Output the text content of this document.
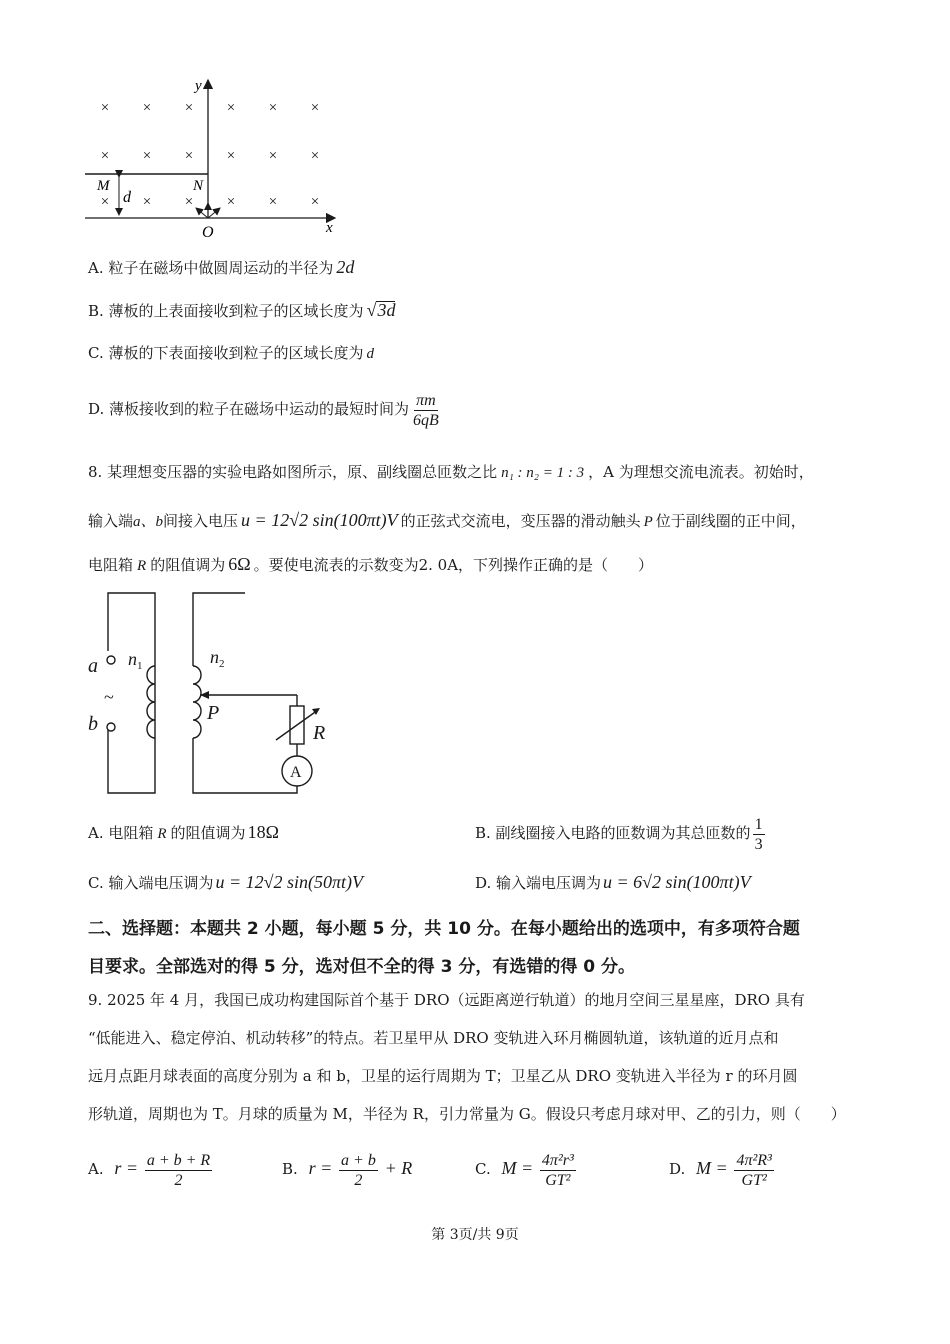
× × × × × ×
× × × × × ×
× × × × × ×
y
x
O
M	N
d
A. 粒子在磁场中做圆周运动的半径为 2d
B. 薄板的上表面接收到粒子的区域长度为 √3d
C. 薄板的下表面接收到粒子的区域长度为 d
D. 薄板接收到的粒子在磁场中运动的最短时间为 $\frac{\pi m}{6qB}$
8. 某理想变压器的实验电路如图所示，原、副线圈总匝数之比 n₁ : n₂ = 1 : 3 ，A 为理想交流电流表。初始时，
输入端a、b间接入电压 u = 12√2 sin(100πt)V 的正弦式交流电，变压器的滑动触头 P 位于副线圈的正中间，
电阻箱 R 的阻值调为 6Ω 。要使电流表的示数变为2. 0A，下列操作正确的是（　　）
a
b
~
$n_1$	$n_2$
P
R
A
A. 电阻箱 R 的阻值调为 18Ω	B. 副线圈接入电路的匝数调为其总匝数的 $\frac{1}{3}$
C. 输入端电压调为 u = 12√2 sin(50πt)V	D. 输入端电压调为 u = 6√2 sin(100πt)V
二、选择题：本题共 2 小题，每小题 5 分，共 10 分。在每小题给出的选项中，有多项符合题
目要求。全部选对的得 5 分，选对但不全的得 3 分，有选错的得 0 分。
9. 2025 年 4 月，我国已成功构建国际首个基于 DRO（远距离逆行轨道）的地月空间三星星座，DRO 具有
“低能进入、稳定停泊、机动转移”的特点。若卫星甲从 DRO 变轨进入环月椭圆轨道，该轨道的近月点和
远月点距月球表面的高度分别为 a 和 b，卫星的运行周期为 T；卫星乙从 DRO 变轨进入半径为 r 的环月圆
形轨道，周期也为 T。月球的质量为 M，半径为 R，引力常量为 G。假设只考虑月球对甲、乙的引力，则（　　）
A. $r = \frac{a + b + R}{2}$	B. $r = \frac{a + b}{2} + R$	C. $M = \frac{\text{4π²r³}}{\text{GT²}}$	D. $M = \frac{\text{4π²R³}}{\text{GT²}}$
第 3页/共 9页
